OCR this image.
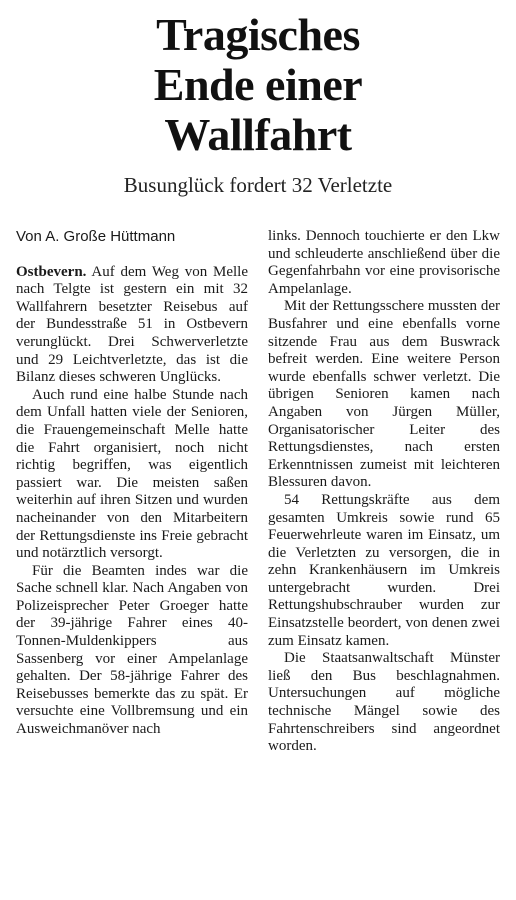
Tragisches
Ende einer
Wallfahrt
Busunglück fordert 32 Verletzte
Von A. Große Hüttmann

Ostbevern. Auf dem Weg von Melle nach Telgte ist gestern ein mit 32 Wallfahrern besetzter Reisebus auf der Bundesstraße 51 in Ostbevern verunglückt. Drei Schwerverletzte und 29 Leichtverletzte, das ist die Bilanz dieses schweren Unglücks.

Auch rund eine halbe Stunde nach dem Unfall hatten viele der Senioren, die Frauengemeinschaft Melle hatte die Fahrt organisiert, noch nicht richtig begriffen, was eigentlich passiert war. Die meisten saßen weiterhin auf ihren Sitzen und wurden nacheinander von den Mitarbeitern der Rettungsdienste ins Freie gebracht und notärztlich versorgt.

Für die Beamten indes war die Sache schnell klar. Nach Angaben von Polizeisprecher Peter Groeger hatte der 39-jährige Fahrer eines 40-Tonnen-Muldenkippers aus Sassenberg vor einer Ampelanlage gehalten. Der 58-jährige Fahrer des Reisebusses bemerkte das zu spät. Er versuchte eine Vollbremsung und ein Ausweichmanöver nach

links. Dennoch touchierte er den Lkw und schleuderte anschließend über die Gegenfahrbahn vor eine provisorische Ampelanlage.

Mit der Rettungsschere mussten der Busfahrer und eine ebenfalls vorne sitzende Frau aus dem Buswrack befreit werden. Eine weitere Person wurde ebenfalls schwer verletzt. Die übrigen Senioren kamen nach Angaben von Jürgen Müller, Organisatorischer Leiter des Rettungsdienstes, nach ersten Erkenntnissen zumeist mit leichteren Blessuren davon.

54 Rettungskräfte aus dem gesamten Umkreis sowie rund 65 Feuerwehrleute waren im Einsatz, um die Verletzten zu versorgen, die in zehn Krankenhäusern im Umkreis untergebracht wurden. Drei Rettungshubschrauber wurden zur Einsatzstelle beordert, von denen zwei zum Einsatz kamen.

Die Staatsanwaltschaft Münster ließ den Bus beschlagnahmen. Untersuchungen auf mögliche technische Mängel sowie des Fahrtenschreibers sind angeordnet worden.
